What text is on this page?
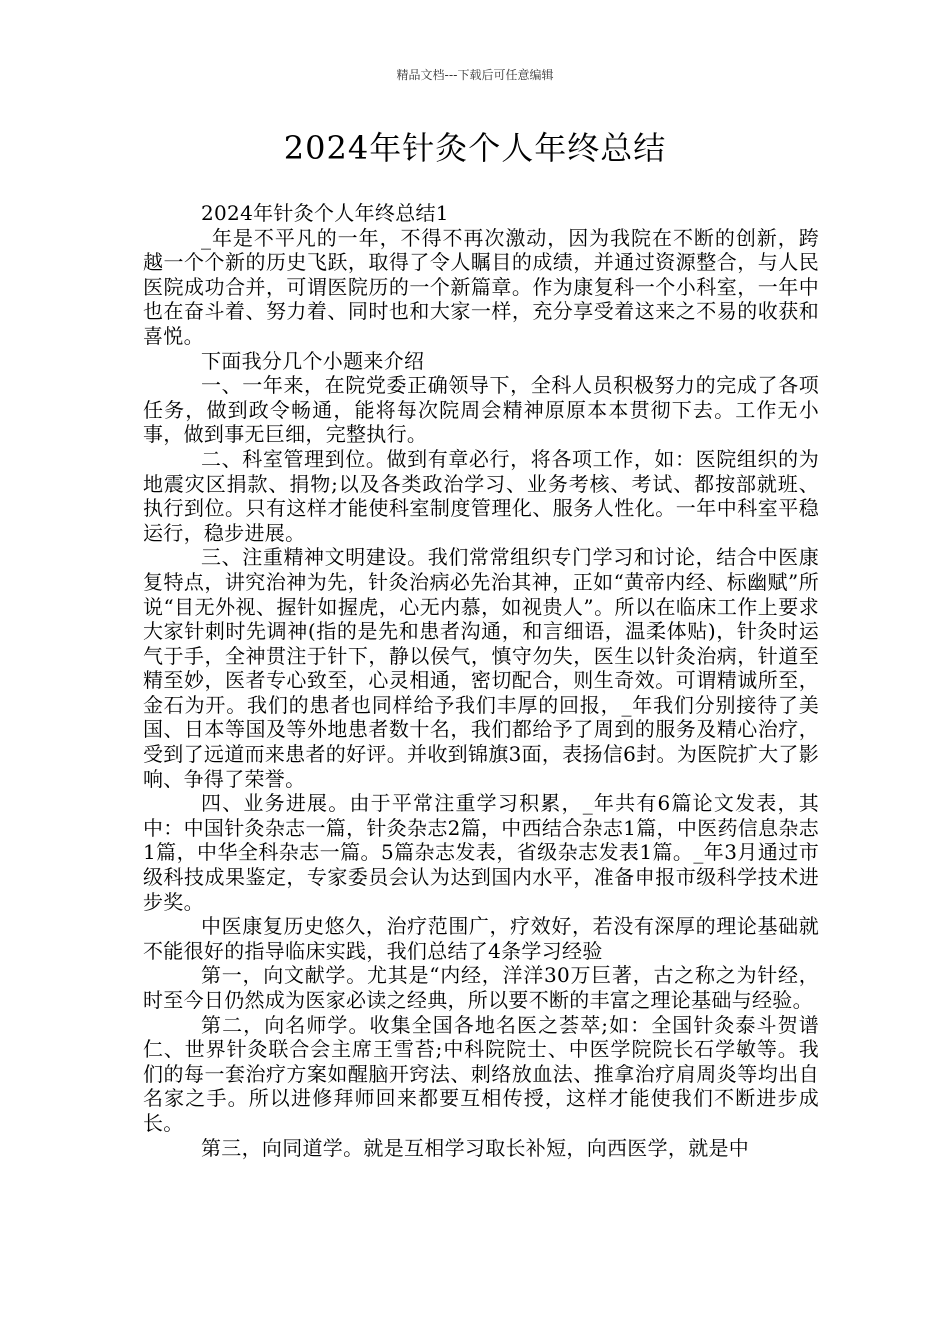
精品文档---下载后可任意编辑
2024年针灸个人年终总结

2024年针灸个人年终总结1

_年是不平凡的一年，不得不再次激动，因为我院在不断的创新，跨越一个个新的历史飞跃，取得了令人瞩目的成绩，并通过资源整合，与人民医院成功合并，可谓医院历的一个新篇章。作为康复科一个小科室，一年中也在奋斗着、努力着、同时也和大家一样，充分享受着这来之不易的收获和喜悦。

下面我分几个小题来介绍

一、一年来，在院党委正确领导下，全科人员积极努力的完成了各项任务，做到政令畅通，能将每次院周会精神原原本本贯彻下去。工作无小事，做到事无巨细，完整执行。

二、科室管理到位。做到有章必行，将各项工作，如：医院组织的为地震灾区捐款、捐物;以及各类政治学习、业务考核、考试、都按部就班、执行到位。只有这样才能使科室制度管理化、服务人性化。一年中科室平稳运行，稳步进展。

三、注重精神文明建设。我们常常组织专门学习和讨论，结合中医康复特点，讲究治神为先，针灸治病必先治其神，正如“黄帝内经、标幽赋”所说“目无外视、握针如握虎，心无内慕，如视贵人”。所以在临床工作上要求大家针刺时先调神(指的是先和患者沟通，和言细语，温柔体贴)，针灸时运气于手，全神贯注于针下，静以侯气，慎守勿失，医生以针灸治病，针道至精至妙，医者专心致至，心灵相通，密切配合，则生奇效。可谓精诚所至，金石为开。我们的患者也同样给予我们丰厚的回报，_年我们分别接待了美国、日本等国及等外地患者数十名，我们都给予了周到的服务及精心治疗，受到了远道而来患者的好评。并收到锦旗3面，表扬信6封。为医院扩大了影响、争得了荣誉。

四、业务进展。由于平常注重学习积累，_年共有6篇论文发表，其中：中国针灸杂志一篇，针灸杂志2篇，中西结合杂志1篇，中医药信息杂志1篇，中华全科杂志一篇。5篇杂志发表，省级杂志发表1篇。_年3月通过市级科技成果鉴定，专家委员会认为达到国内水平，准备申报市级科学技术进步奖。

中医康复历史悠久，治疗范围广，疗效好，若没有深厚的理论基础就不能很好的指导临床实践，我们总结了4条学习经验

第一，向文献学。尤其是“内经，洋洋30万巨著，古之称之为针经，时至今日仍然成为医家必读之经典，所以要不断的丰富之理论基础与经验。

第二，向名师学。收集全国各地名医之荟萃;如：全国针灸泰斗贺谱仁、世界针灸联合会主席王雪苔;中科院院士、中医学院院长石学敏等。我们的每一套治疗方案如醒脑开窍法、刺络放血法、推拿治疗肩周炎等均出自名家之手。所以进修拜师回来都要互相传授，这样才能使我们不断进步成长。

第三，向同道学。就是互相学习取长补短，向西医学，就是中
